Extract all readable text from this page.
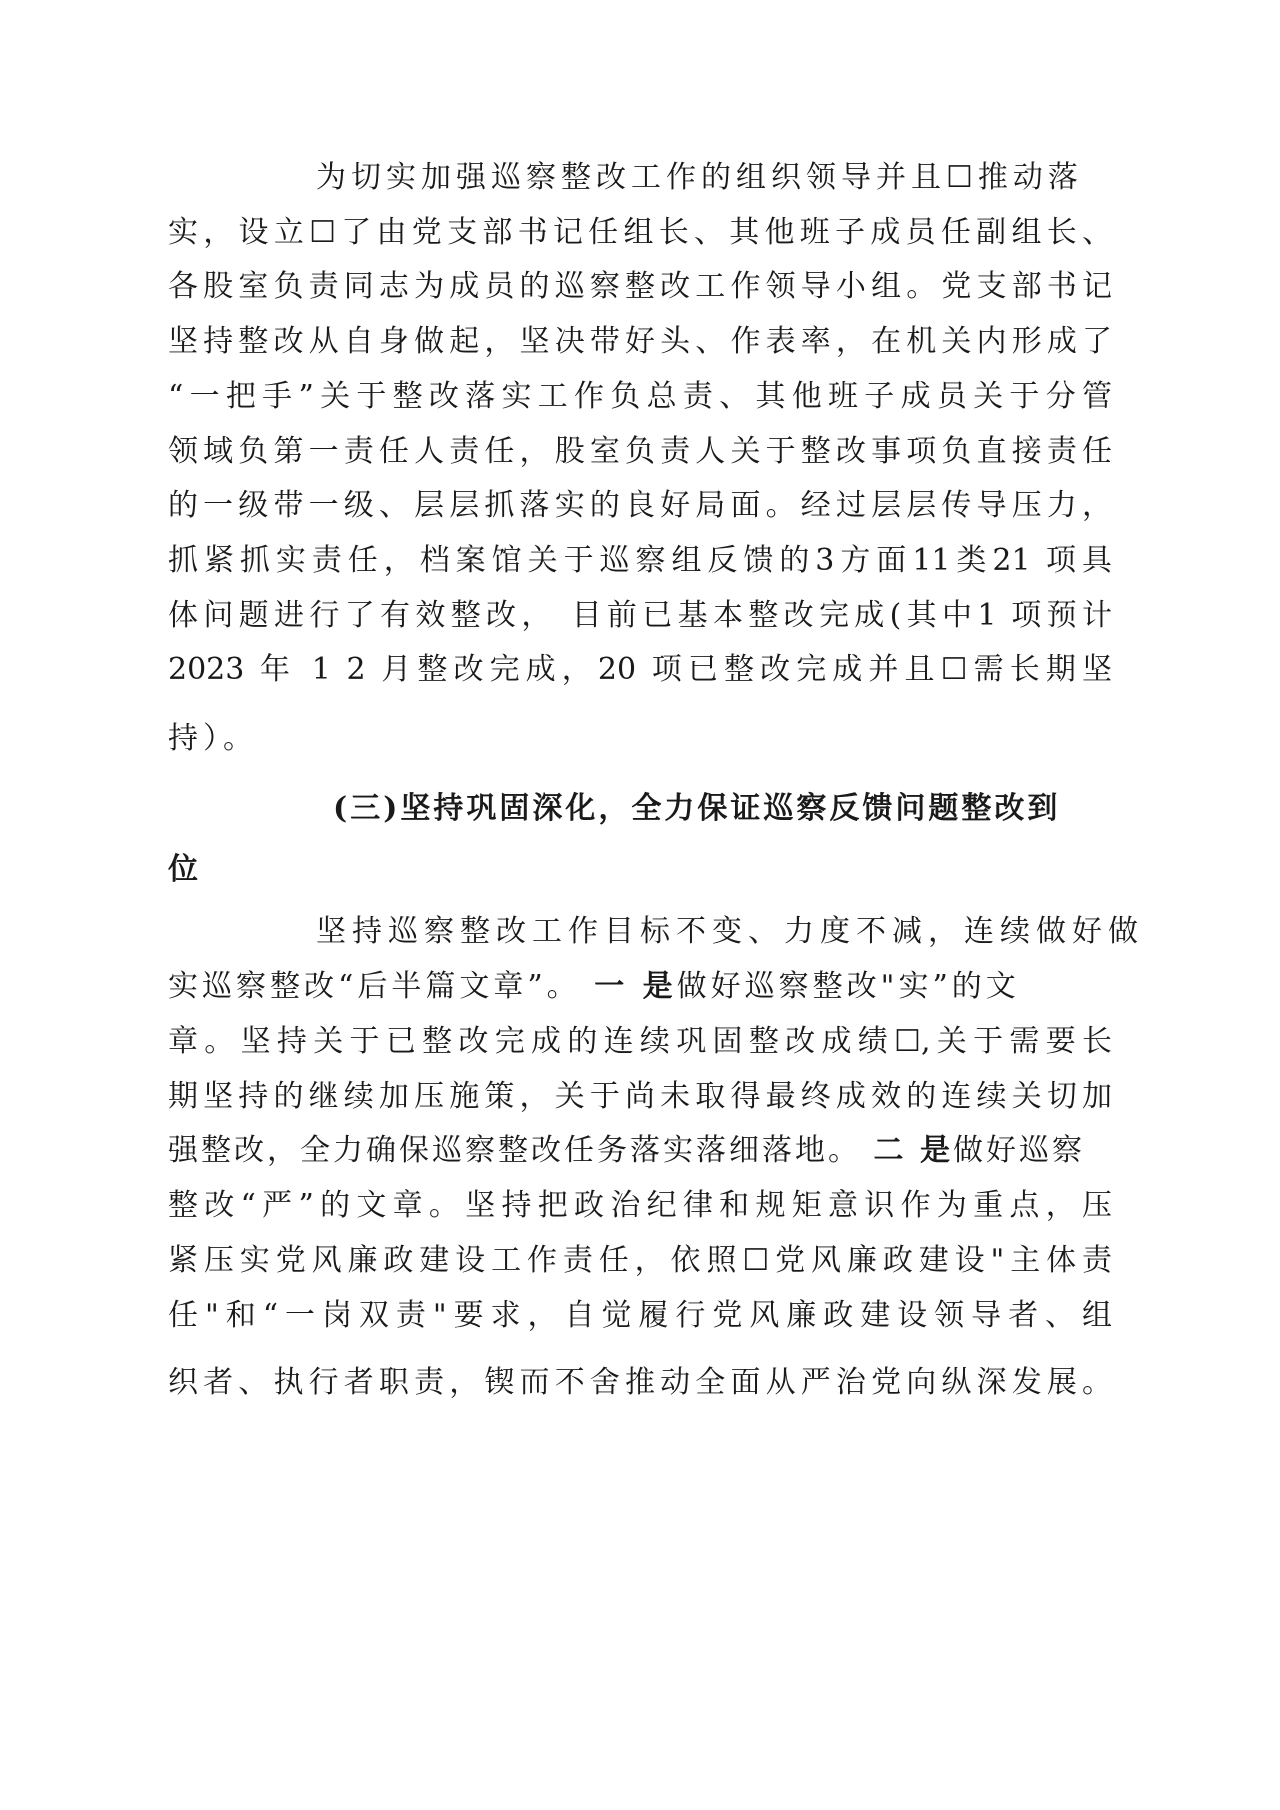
为切实加强巡察整改工作的组织领导并且☐推动落
实，设立☐了由党支部书记任组长、其他班子成员任副组长、
各股室负责同志为成员的巡察整改工作领导小组。党支部书记
坚持整改从自身做起，坚决带好头、作表率，在机关内形成了
“一把手”关于整改落实工作负总责、其他班子成员关于分管
领域负第一责任人责任，股室负责人关于整改事项负直接责任
的一级带一级、层层抓落实的良好局面。经过层层传导压力，
抓紧抓实责任，档案馆关于巡察组反馈的3方面11类21 项具
体问题进行了有效整改， 目前已基本整改完成(其中1 项预计
2023 年 1 2 月整改完成，20 项已整改完成并且☐需长期坚
持）。
(三)坚持巩固深化，全力保证巡察反馈问题整改到
位
坚持巡察整改工作目标不变、力度不减，连续做好做
实巡察整改“后半篇文章”。 一 是做好巡察整改"实”的文
章。坚持关于已整改完成的连续巩固整改成绩☐,关于需要长
期坚持的继续加压施策，关于尚未取得最终成效的连续关切加
强整改，全力确保巡察整改任务落实落细落地。 二 是做好巡察
整改“严”的文章。坚持把政治纪律和规矩意识作为重点，压
紧压实党风廉政建设工作责任，依照☐党风廉政建设"主体责
任"和“一岗双责"要求，自觉履行党风廉政建设领导者、组
织者、执行者职责，锲而不舍推动全面从严治党向纵深发展。
